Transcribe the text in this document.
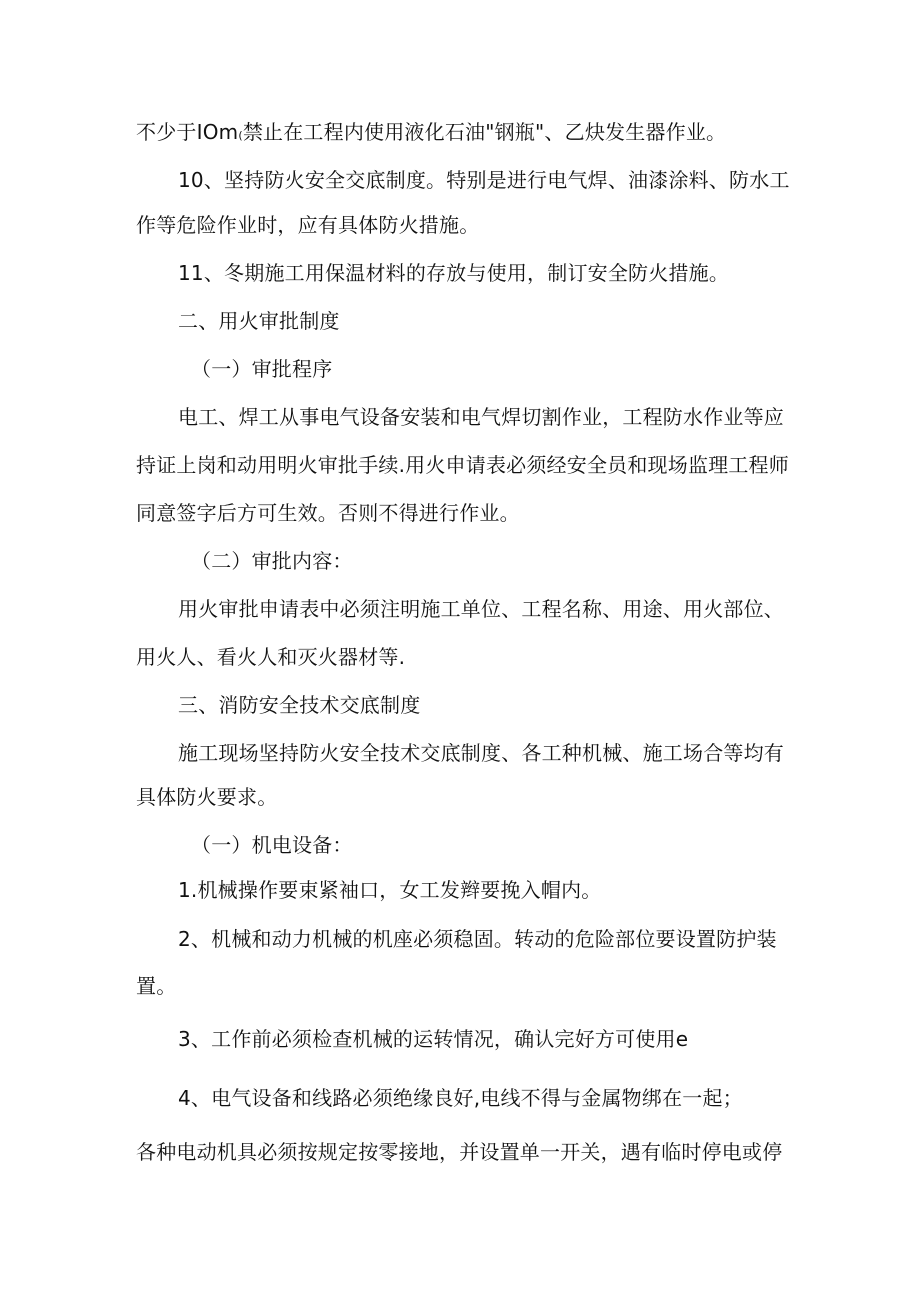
不少于IOm(禁止在工程内使用液化石油"钢瓶"、乙炔发生器作业。
10、坚持防火安全交底制度。特别是进行电气焊、油漆涂料、防水工
作等危险作业时，应有具体防火措施。
11、冬期施工用保温材料的存放与使用，制订安全防火措施。
二、用火审批制度
（一）审批程序
电工、焊工从事电气设备安装和电气焊切割作业，工程防水作业等应
持证上岗和动用明火审批手续.用火申请表必须经安全员和现场监理工程师
同意签字后方可生效。否则不得进行作业。
（二）审批内容：
用火审批申请表中必须注明施工单位、工程名称、用途、用火部位、
用火人、看火人和灭火器材等.
三、消防安全技术交底制度
施工现场坚持防火安全技术交底制度、各工种机械、施工场合等均有
具体防火要求。
（一）机电设备：
1.机械操作要束紧袖口，女工发辫要挽入帽内。
2、机械和动力机械的机座必须稳固。转动的危险部位要设置防护装
置。
3、工作前必须检查机械的运转情况，确认完好方可使用e
4、电气设备和线路必须绝缘良好,电线不得与金属物绑在一起；
各种电动机具必须按规定按零接地，并设置单一开关，遇有临时停电或停
